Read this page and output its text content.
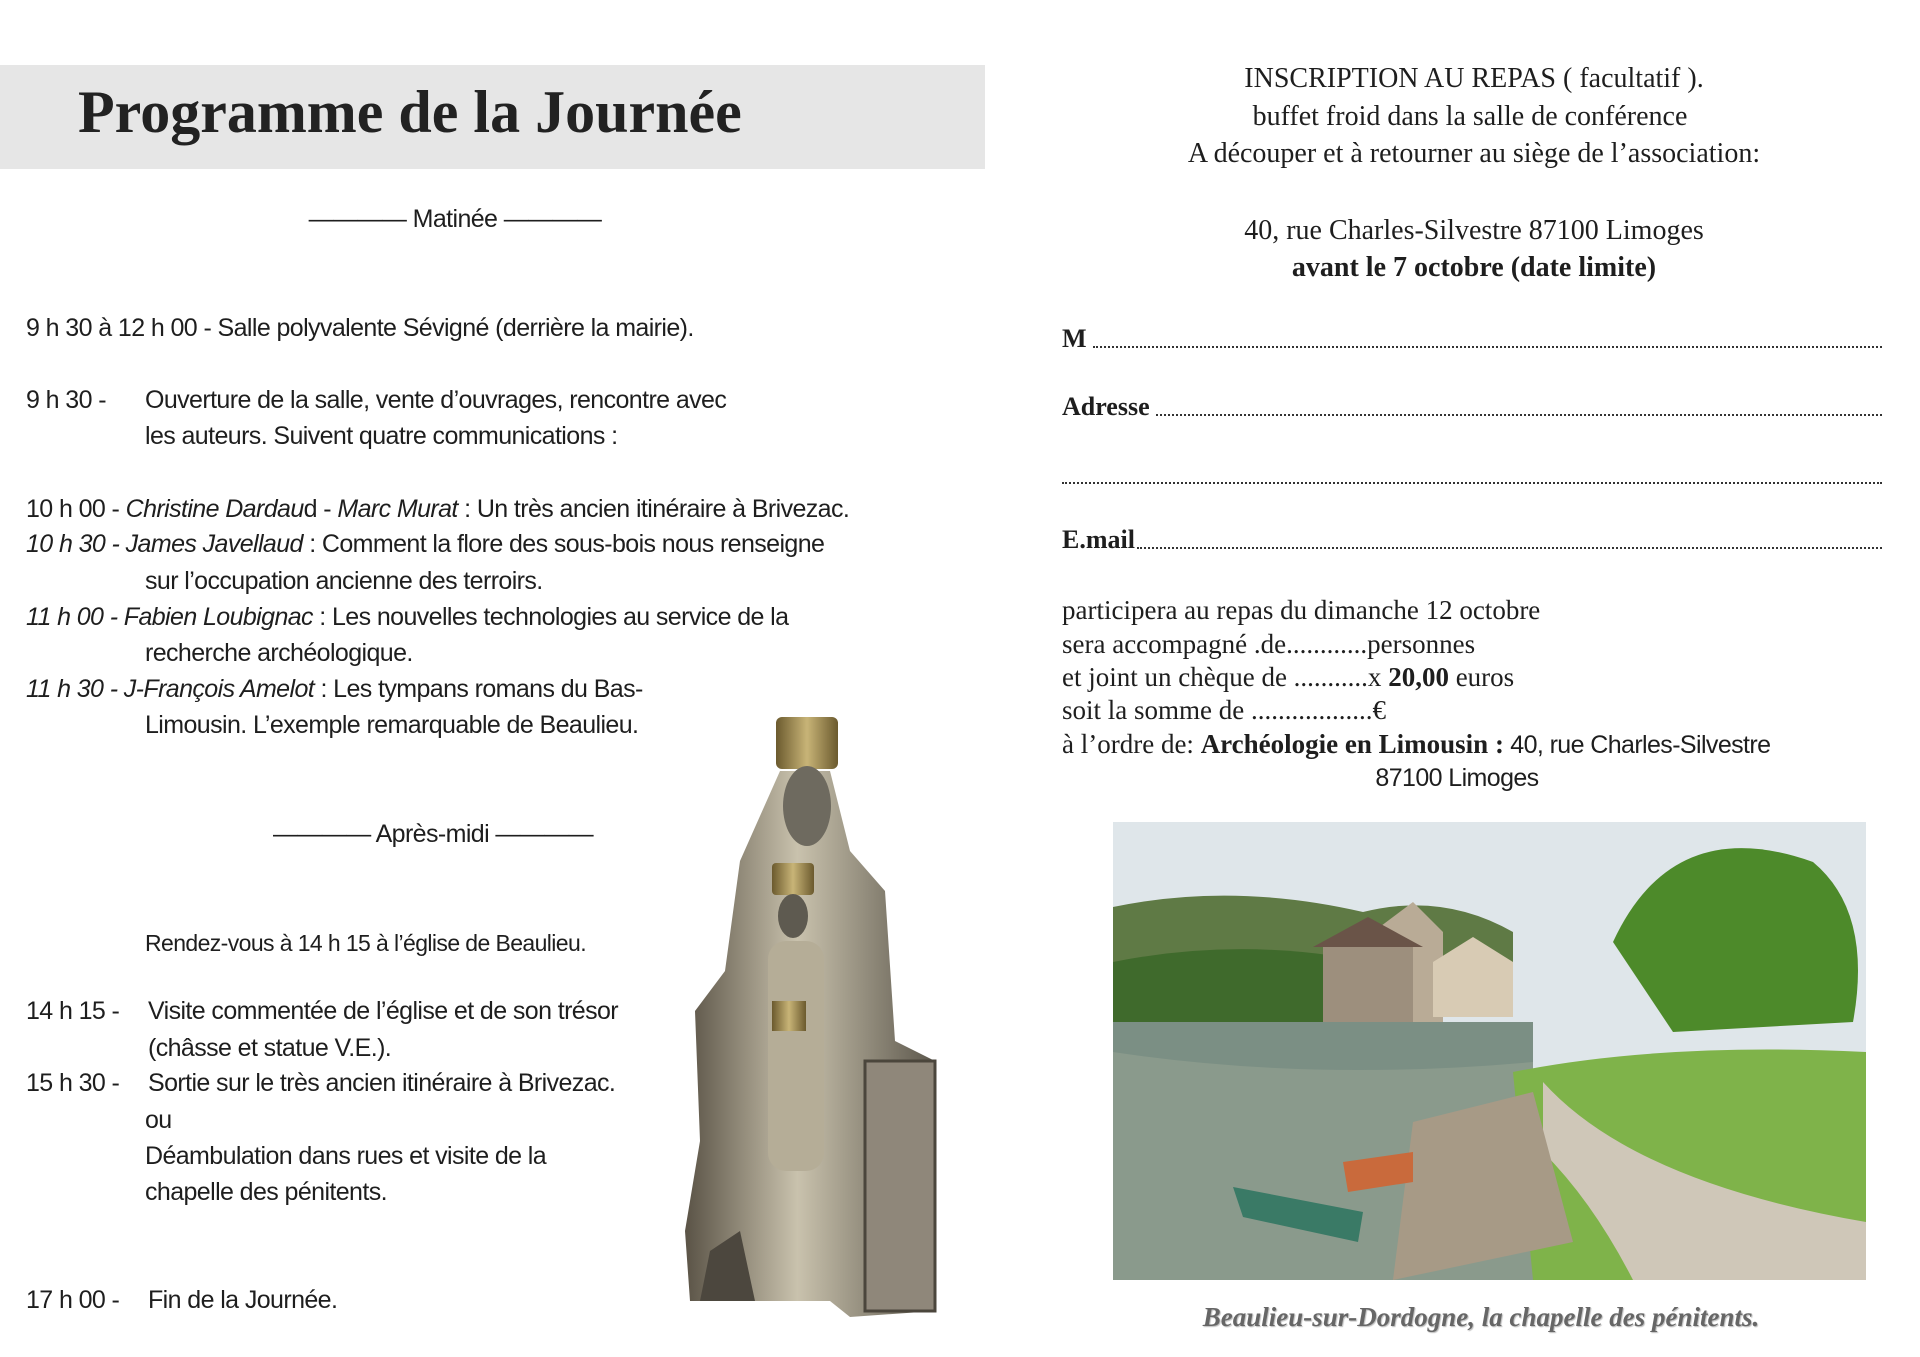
Programme de la Journée
———— Matinée ————
9 h 30 à 12 h 00 - Salle polyvalente Sévigné (derrière la mairie).
9 h 30 - Ouverture de la salle, vente d’ouvrages, rencontre avec
les auteurs. Suivent quatre communications :
10 h 00 - Christine Dardaud - Marc Murat : Un très ancien itinéraire à Brivezac.
10 h 30 - James Javellaud : Comment la flore des sous-bois nous renseigne
sur l’occupation ancienne des terroirs.
11 h 00 - Fabien Loubignac : Les nouvelles technologies au service de la
recherche archéologique.
11 h 30 - J-François Amelot : Les tympans romans du Bas-
Limousin. L’exemple remarquable de Beaulieu.
———— Après-midi ————
Rendez-vous à 14 h 15 à l’église de Beaulieu.
14 h 15 - Visite commentée de l’église et de son trésor
(châsse et statue V.E.).
15 h 30 - Sortie sur le très ancien itinéraire à Brivezac.
ou
Déambulation dans rues et visite de la
chapelle des pénitents.
17 h 00 - Fin de la Journée.
INSCRIPTION AU REPAS ( facultatif ).
buffet froid dans la salle de conférence
A découper et à retourner au siège de l’association:
40, rue Charles-Silvestre 87100 Limoges
avant le 7 octobre (date limite)
M
Adresse
E.mail
participera au repas du dimanche 12 octobre
sera accompagné .de............personnes
et joint un chèque de ...........x 20,00 euros
soit la somme de ..................€
à l’ordre de: Archéologie en Limousin : 40, rue Charles-Silvestre
87100 Limoges
Beaulieu-sur-Dordogne, la chapelle des pénitents.
